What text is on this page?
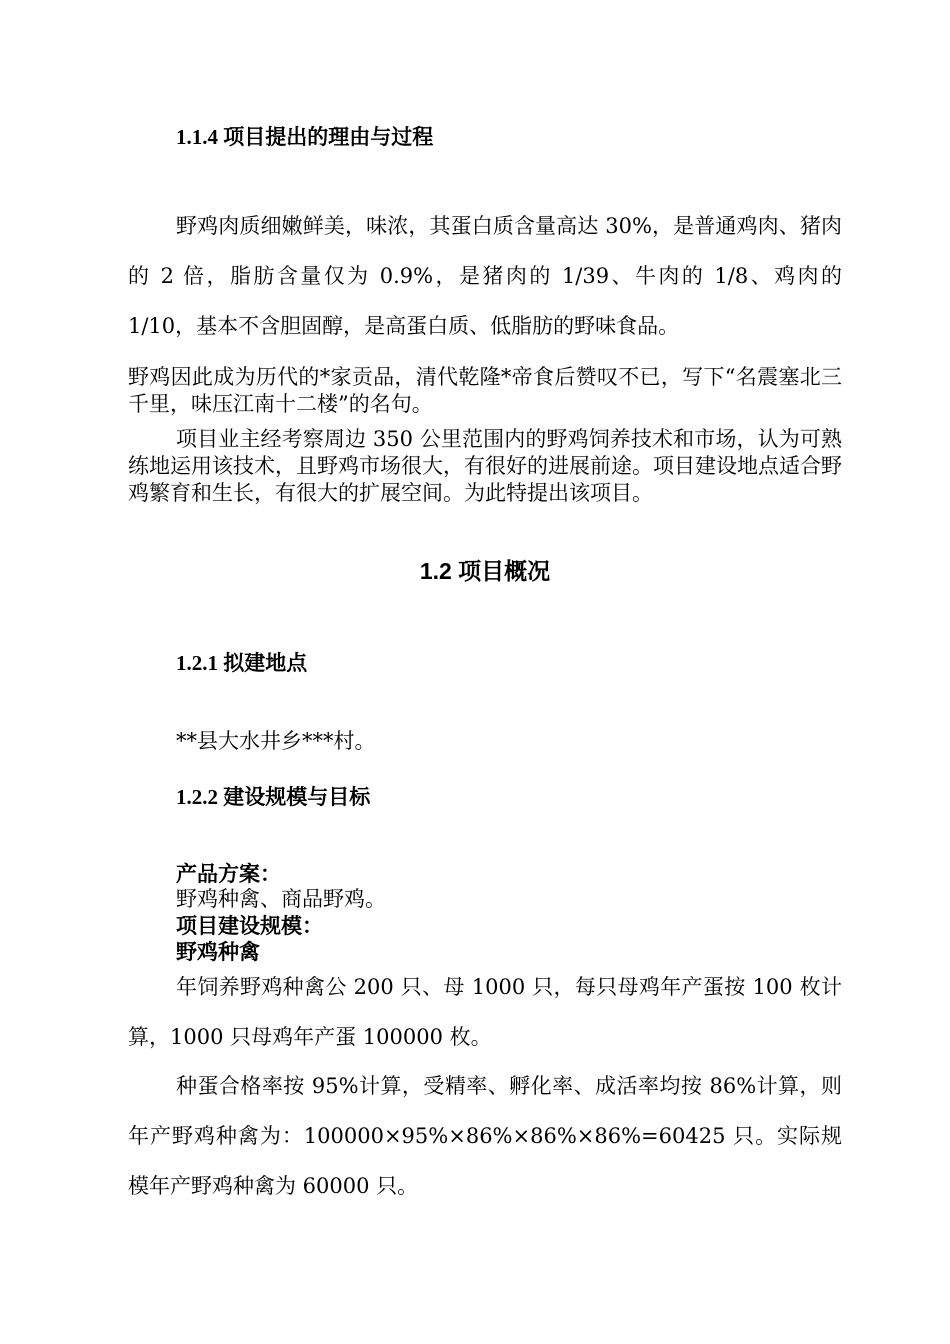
1.1.4 项目提出的理由与过程
野鸡肉质细嫩鲜美，味浓，其蛋白质含量高达 30%，是普通鸡肉、猪肉的 2 倍，脂肪含量仅为 0.9%，是猪肉的 1/39、牛肉的 1/8、鸡肉的 1/10，基本不含胆固醇，是高蛋白质、低脂肪的野味食品。
野鸡因此成为历代的*家贡品，清代乾隆*帝食后赞叹不已，写下“名震塞北三千里，味压江南十二楼”的名句。
项目业主经考察周边 350 公里范围内的野鸡饲养技术和市场，认为可熟练地运用该技术，且野鸡市场很大，有很好的进展前途。项目建设地点适合野鸡繁育和生长，有很大的扩展空间。为此特提出该项目。
1.2 项目概况
1.2.1 拟建地点
**县大水井乡***村。
1.2.2 建设规模与目标
产品方案：
野鸡种禽、商品野鸡。
项目建设规模：
野鸡种禽
年饲养野鸡种禽公 200 只、母 1000 只，每只母鸡年产蛋按 100 枚计算，1000 只母鸡年产蛋 100000 枚。
种蛋合格率按 95%计算，受精率、孵化率、成活率均按 86%计算，则年产野鸡种禽为：100000×95%×86%×86%×86%=60425 只。实际规模年产野鸡种禽为 60000 只。
